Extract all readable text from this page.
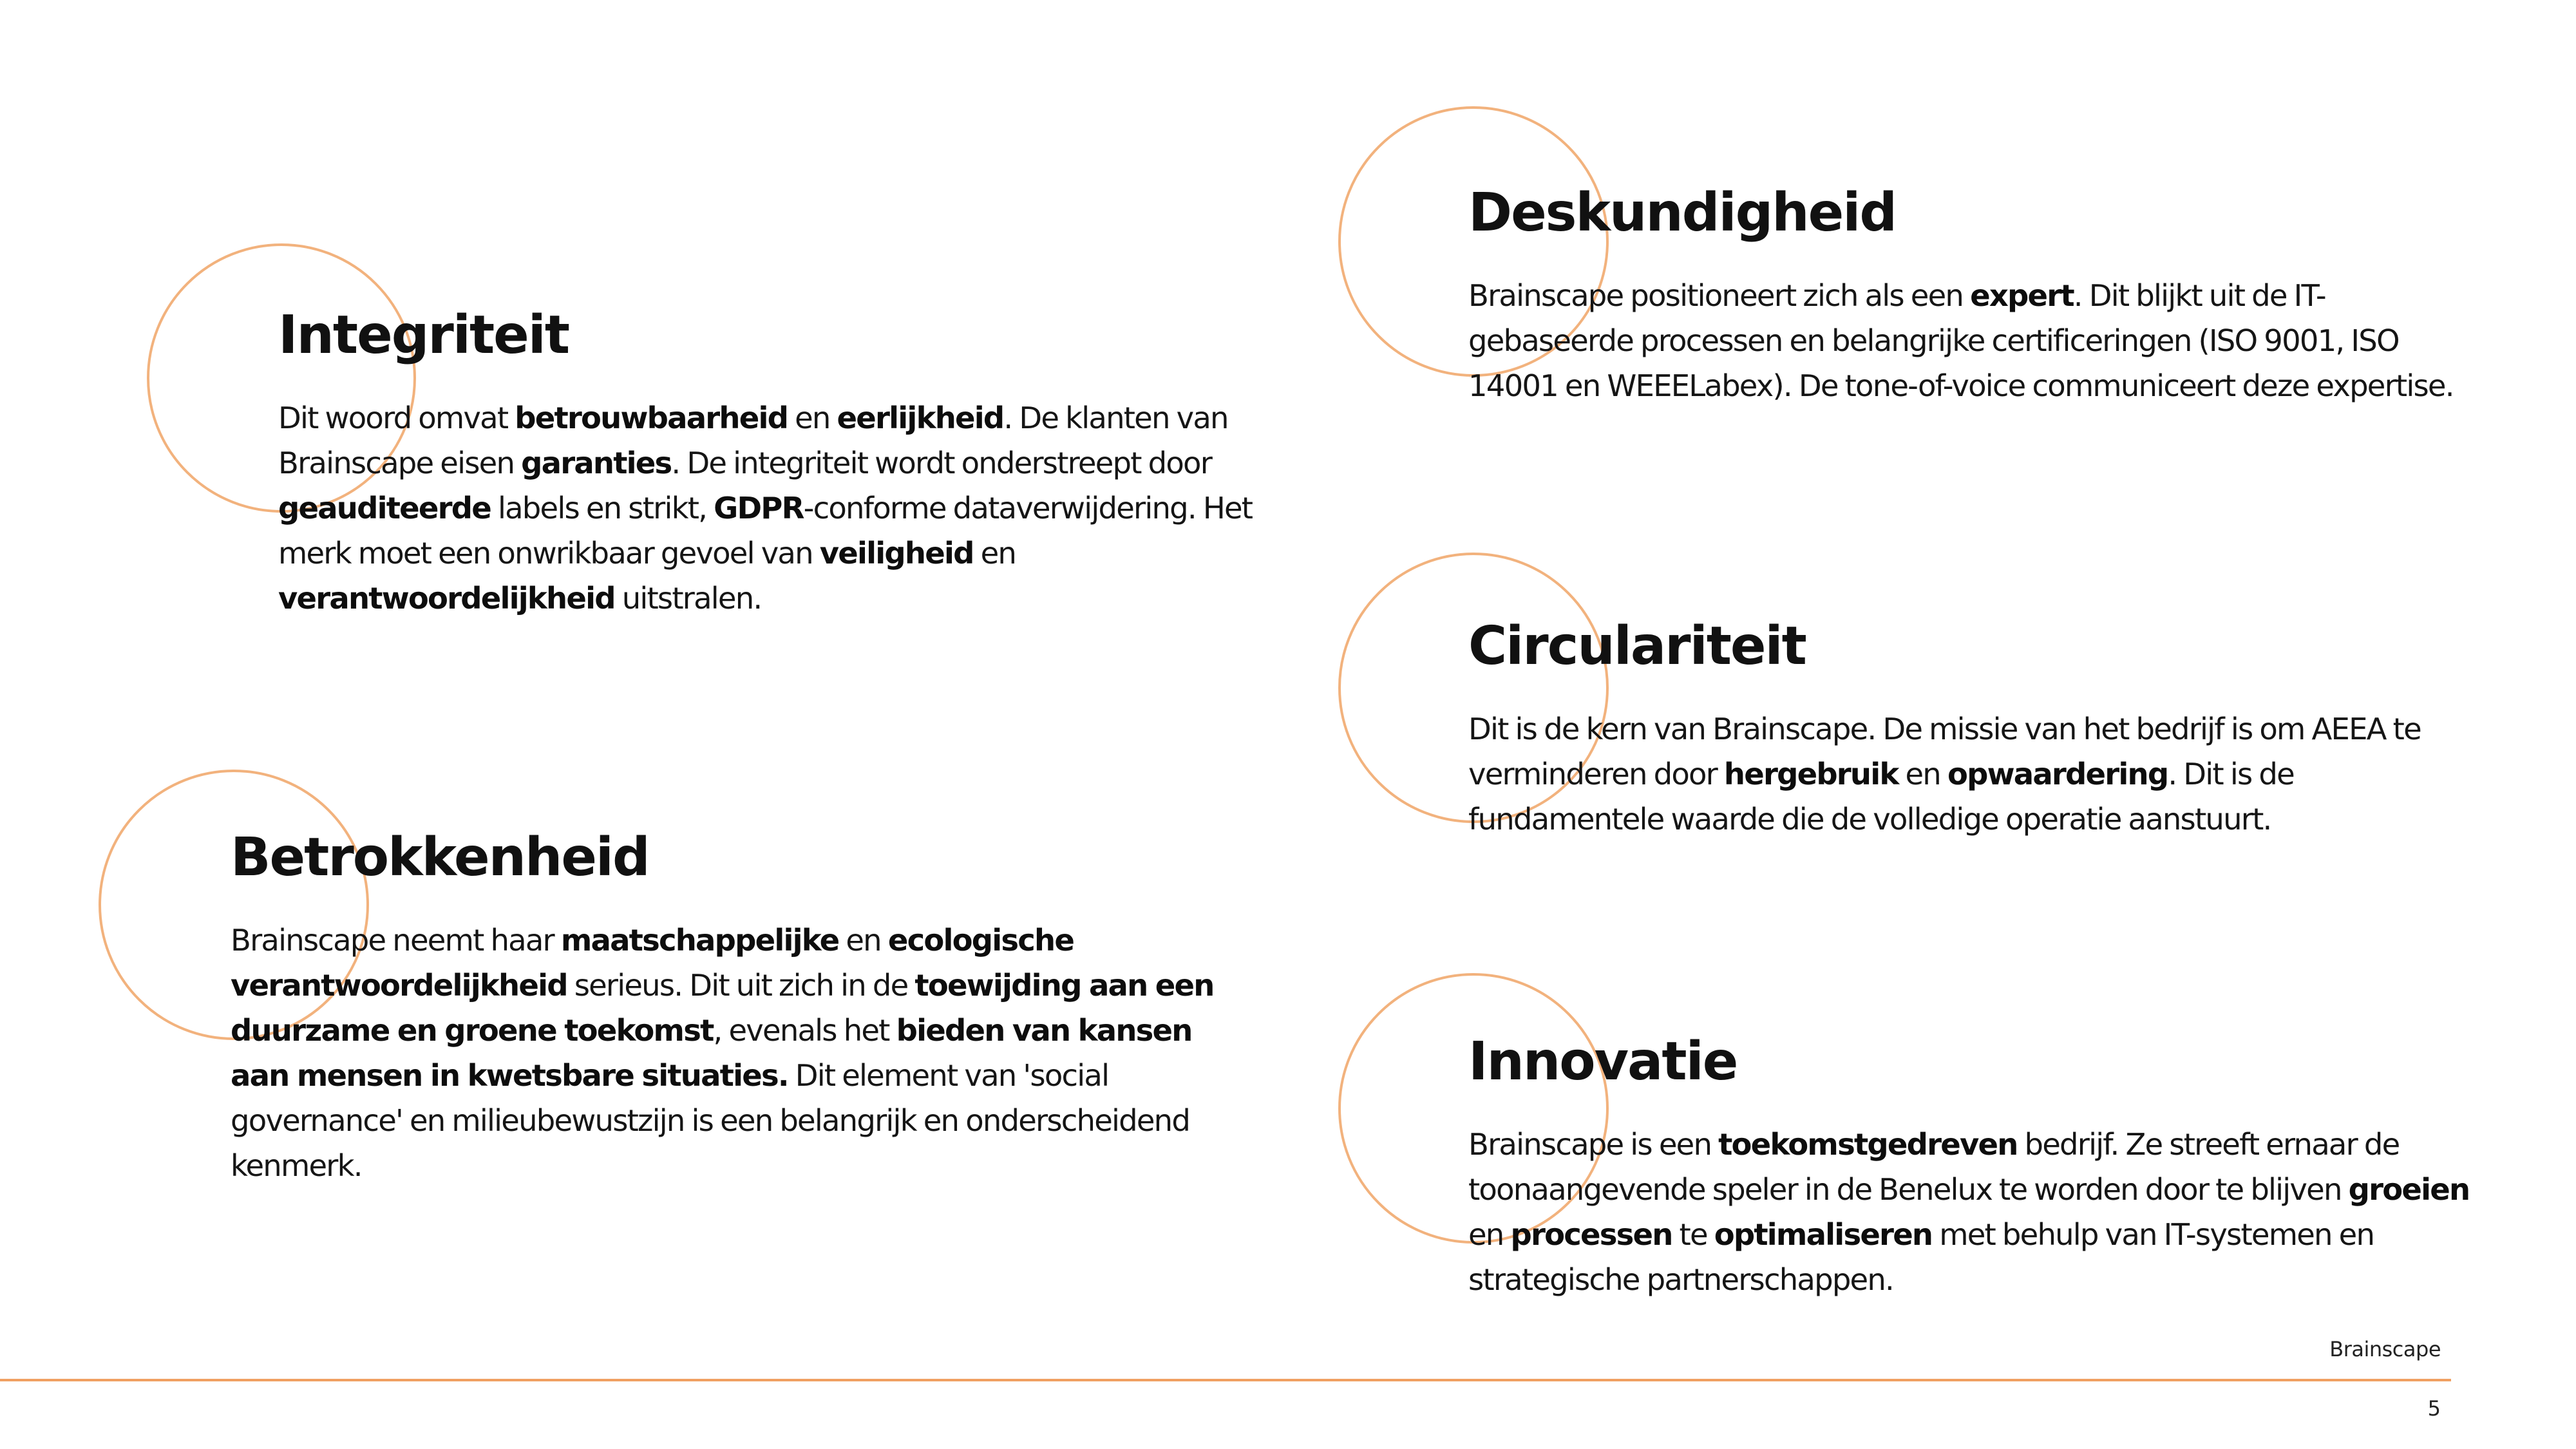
Integriteit

Dit woord omvat betrouwbaarheid en eerlijkheid. De klanten van Brainscape eisen garanties. De integriteit wordt onderstreept door geauditeerde labels en strikt, GDPR-conforme dataverwijdering. Het merk moet een onwrikbaar gevoel van veiligheid en verantwoordelijkheid uitstralen.

Betrokkenheid

Brainscape neemt haar maatschappelijke en ecologische verantwoordelijkheid serieus. Dit uit zich in de toewijding aan een duurzame en groene toekomst, evenals het bieden van kansen aan mensen in kwetsbare situaties. Dit element van 'social governance' en milieubewustzijn is een belangrijk en onderscheidend kenmerk.

Deskundigheid

Brainscape positioneert zich als een expert. Dit blijkt uit de IT-gebaseerde processen en belangrijke certificeringen (ISO 9001, ISO 14001 en WEEELabex). De tone-of-voice communiceert deze expertise.

Circulariteit

Dit is de kern van Brainscape. De missie van het bedrijf is om AEEA te verminderen door hergebruik en opwaardering. Dit is de fundamentele waarde die de volledige operatie aanstuurt.

Innovatie

Brainscape is een toekomstgedreven bedrijf. Ze streeft ernaar de toonaangevende speler in de Benelux te worden door te blijven groeien en processen te optimaliseren met behulp van IT-systemen en strategische partnerschappen.

Brainscape
5
